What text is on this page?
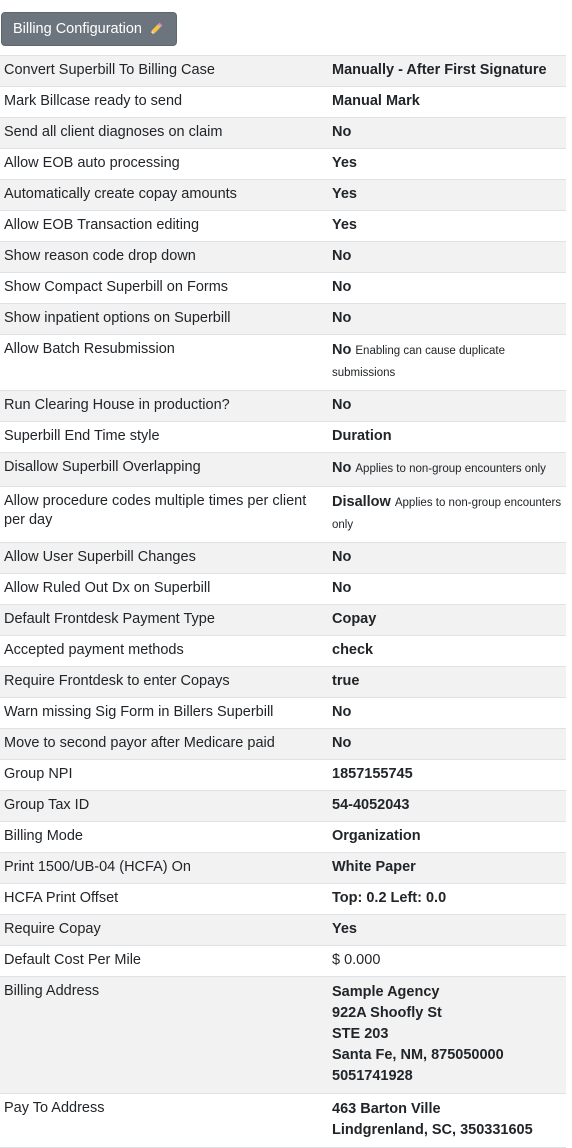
Billing Configuration
Convert Superbill To Billing Case	Manually - After First Signature
Mark Billcase ready to send	Manual Mark
Send all client diagnoses on claim	No
Allow EOB auto processing	Yes
Automatically create copay amounts	Yes
Allow EOB Transaction editing	Yes
Show reason code drop down	No
Show Compact Superbill on Forms	No
Show inpatient options on Superbill	No
Allow Batch Resubmission	No Enabling can cause duplicate submissions
Run Clearing House in production?	No
Superbill End Time style	Duration
Disallow Superbill Overlapping	No Applies to non-group encounters only
Allow procedure codes multiple times per client per day	Disallow Applies to non-group encounters only
Allow User Superbill Changes	No
Allow Ruled Out Dx on Superbill	No
Default Frontdesk Payment Type	Copay
Accepted payment methods	check
Require Frontdesk to enter Copays	true
Warn missing Sig Form in Billers Superbill	No
Move to second payor after Medicare paid	No
Group NPI	1857155745
Group Tax ID	54-4052043
Billing Mode	Organization
Print 1500/UB-04 (HCFA) On	White Paper
HCFA Print Offset	Top: 0.2 Left: 0.0
Require Copay	Yes
Default Cost Per Mile	$ 0.000
Billing Address	Sample Agency
922A Shoofly St
STE 203
Santa Fe, NM, 875050000
5051741928

Pay To Address	463 Barton Ville
Lindgrenland, SC, 350331605
